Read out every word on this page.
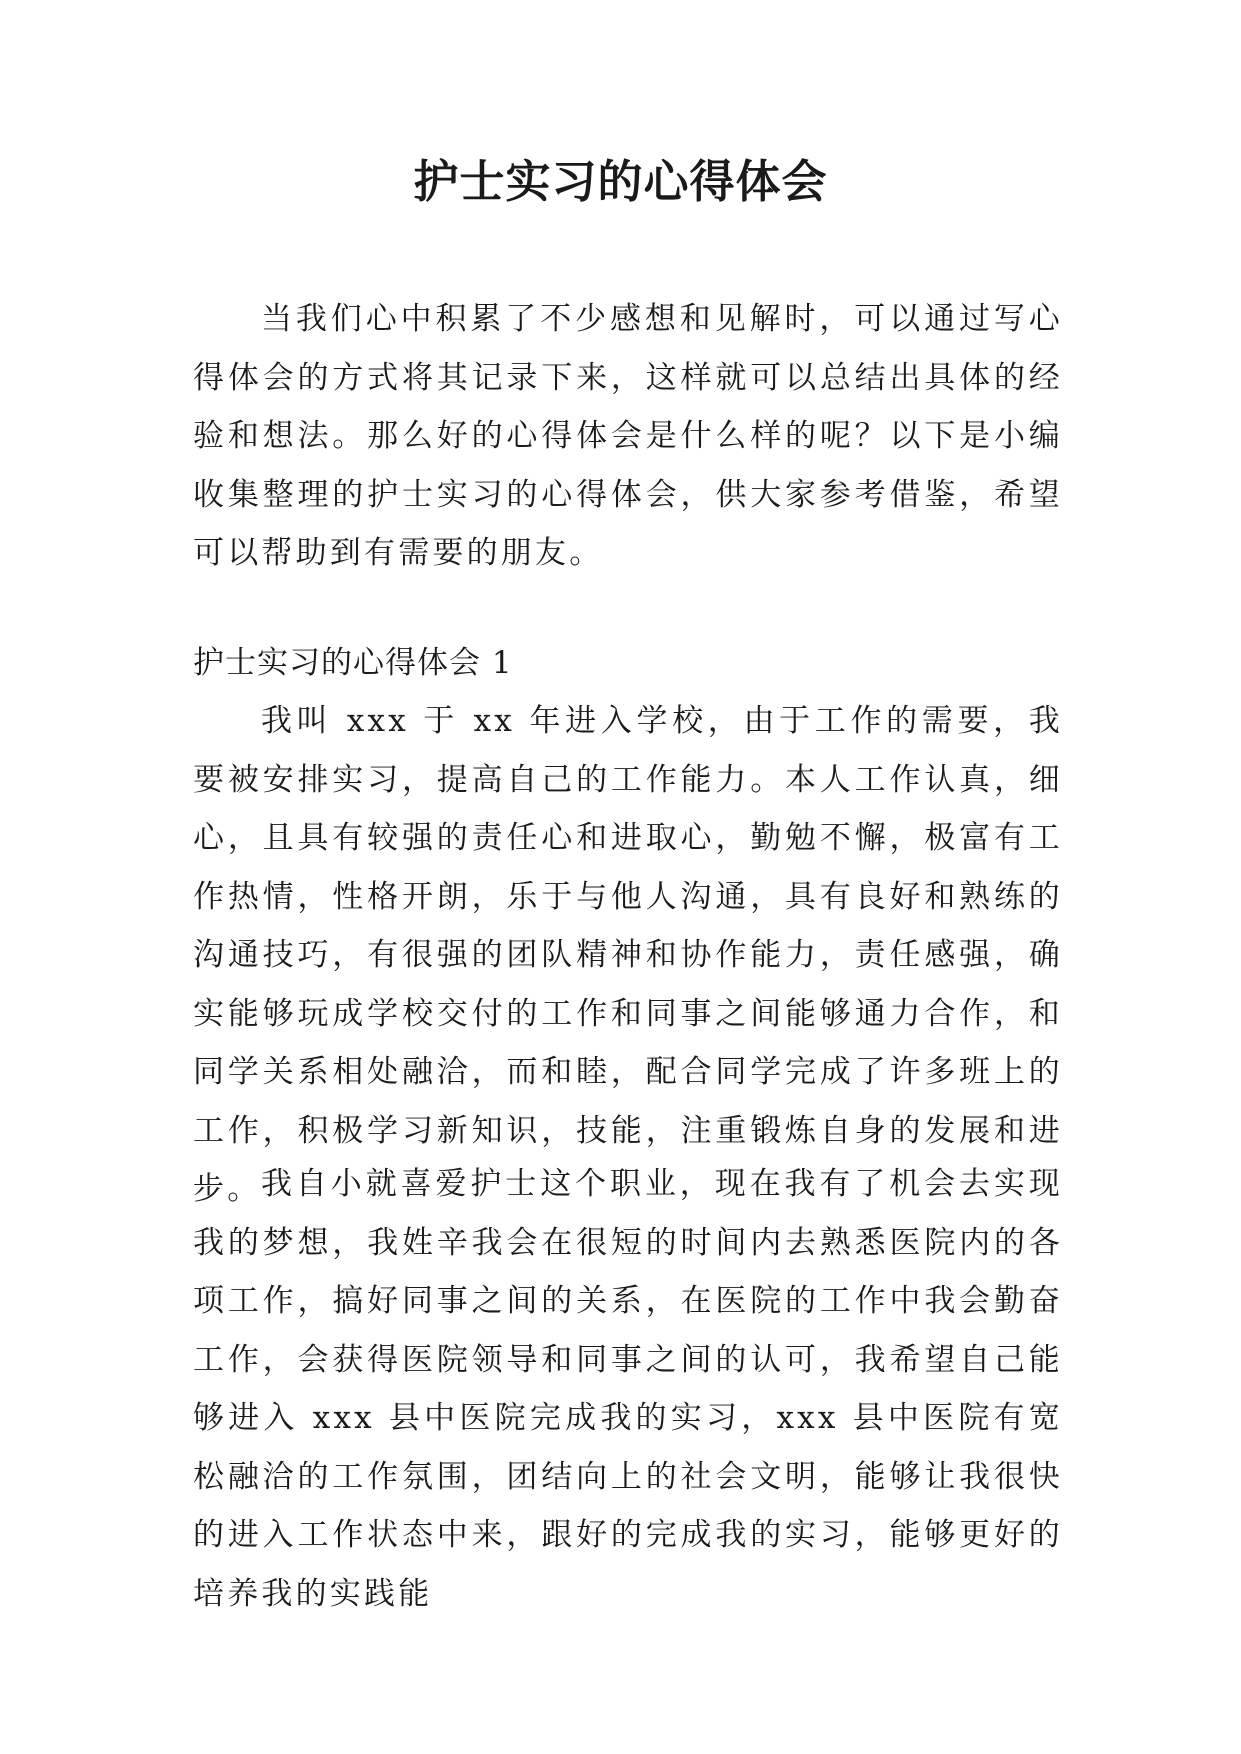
护士实习的心得体会

当我们心中积累了不少感想和见解时，可以通过写心得体会的方式将其记录下来，这样就可以总结出具体的经验和想法。那么好的心得体会是什么样的呢？以下是小编收集整理的护士实习的心得体会，供大家参考借鉴，希望可以帮助到有需要的朋友。

护士实习的心得体会 1

我叫 xxx 于 xx 年进入学校，由于工作的需要，我要被安排实习，提高自己的工作能力。本人工作认真，细心，且具有较强的责任心和进取心，勤勉不懈，极富有工作热情，性格开朗，乐于与他人沟通，具有良好和熟练的沟通技巧，有很强的团队精神和协作能力，责任感强，确实能够玩成学校交付的工作和同事之间能够通力合作，和同学关系相处融洽，而和睦，配合同学完成了许多班上的工作，积极学习新知识，技能，注重锻炼自身的发展和进步。 我自小就喜爱护士这个职业，现在我有了机会去实现我的梦想，我姓辛我会在很短的时间内去熟悉医院内的各项工作，搞好同事之间的关系，在医院的工作中我会勤奋工作，会获得医院领导和同事之间的认可，我希望自己能够进入 xxx 县中医院完成我的实习，xxx 县中医院有宽松融洽的工作氛围，团结向上的社会文明，能够让我很快的进入工作状态中来，跟好的完成我的实习，能够更好的培养我的实践能
